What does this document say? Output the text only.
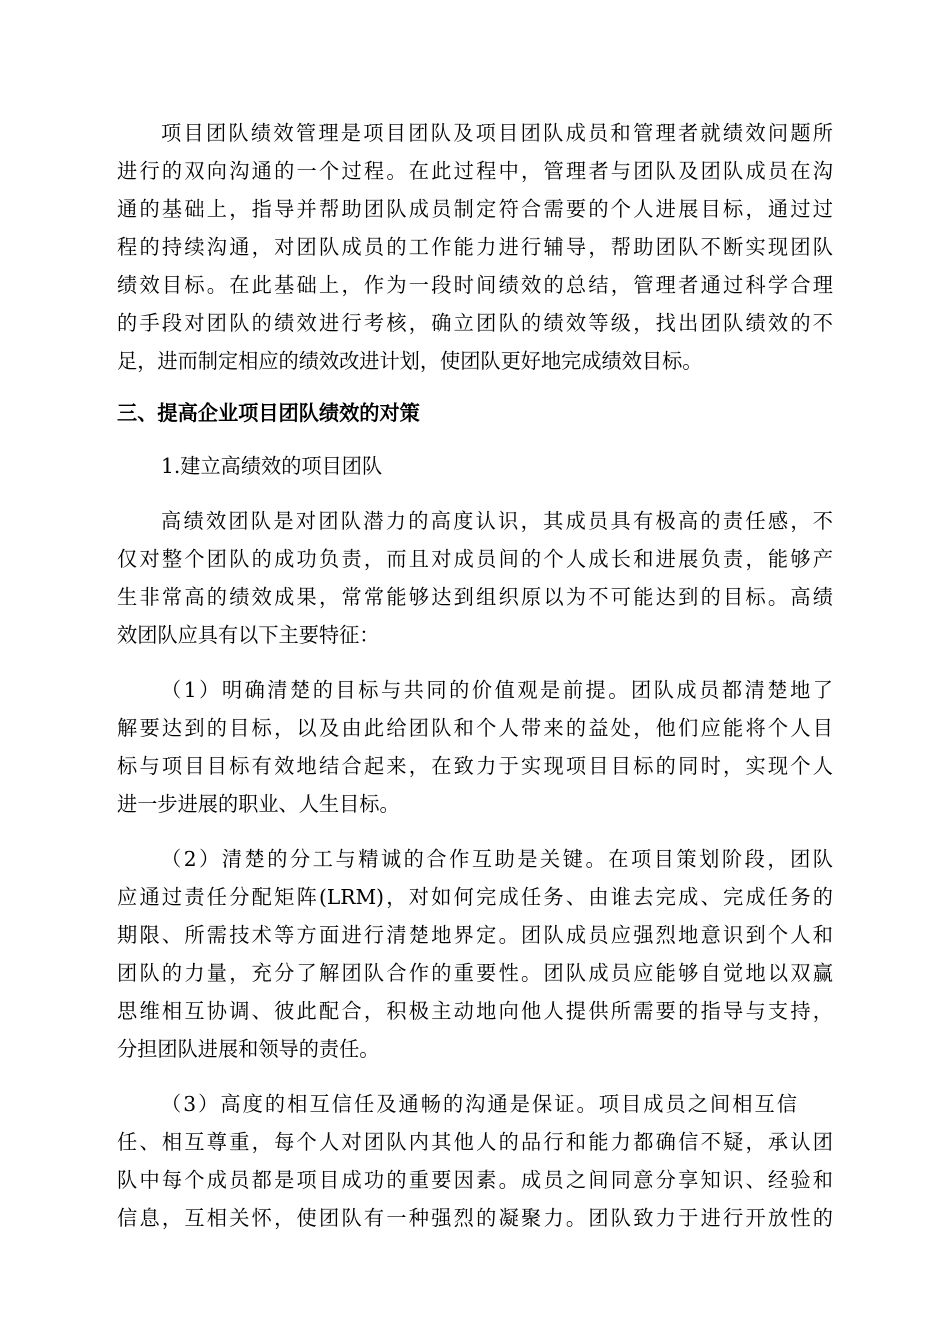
项目团队绩效管理是项目团队及项目团队成员和管理者就绩效问题所
进行的双向沟通的一个过程。在此过程中，管理者与团队及团队成员在沟
通的基础上，指导并帮助团队成员制定符合需要的个人进展目标，通过过
程的持续沟通，对团队成员的工作能力进行辅导，帮助团队不断实现团队
绩效目标。在此基础上，作为一段时间绩效的总结，管理者通过科学合理
的手段对团队的绩效进行考核，确立团队的绩效等级，找出团队绩效的不
足，进而制定相应的绩效改进计划，使团队更好地完成绩效目标。
三、提高企业项目团队绩效的对策
1.建立高绩效的项目团队
高绩效团队是对团队潜力的高度认识，其成员具有极高的责任感，不
仅对整个团队的成功负责，而且对成员间的个人成长和进展负责，能够产
生非常高的绩效成果，常常能够达到组织原以为不可能达到的目标。高绩
效团队应具有以下主要特征：
（1）明确清楚的目标与共同的价值观是前提。团队成员都清楚地了
解要达到的目标，以及由此给团队和个人带来的益处，他们应能将个人目
标与项目目标有效地结合起来，在致力于实现项目目标的同时，实现个人
进一步进展的职业、人生目标。
（2）清楚的分工与精诚的合作互助是关键。在项目策划阶段，团队
应通过责任分配矩阵(LRM)，对如何完成任务、由谁去完成、完成任务的
期限、所需技术等方面进行清楚地界定。团队成员应强烈地意识到个人和
团队的力量，充分了解团队合作的重要性。团队成员应能够自觉地以双赢
思维相互协调、彼此配合，积极主动地向他人提供所需要的指导与支持，
分担团队进展和领导的责任。
（3）高度的相互信任及通畅的沟通是保证。项目成员之间相互信
任、相互尊重，每个人对团队内其他人的品行和能力都确信不疑，承认团
队中每个成员都是项目成功的重要因素。成员之间同意分享知识、经验和
信息，互相关怀，使团队有一种强烈的凝聚力。团队致力于进行开放性的
